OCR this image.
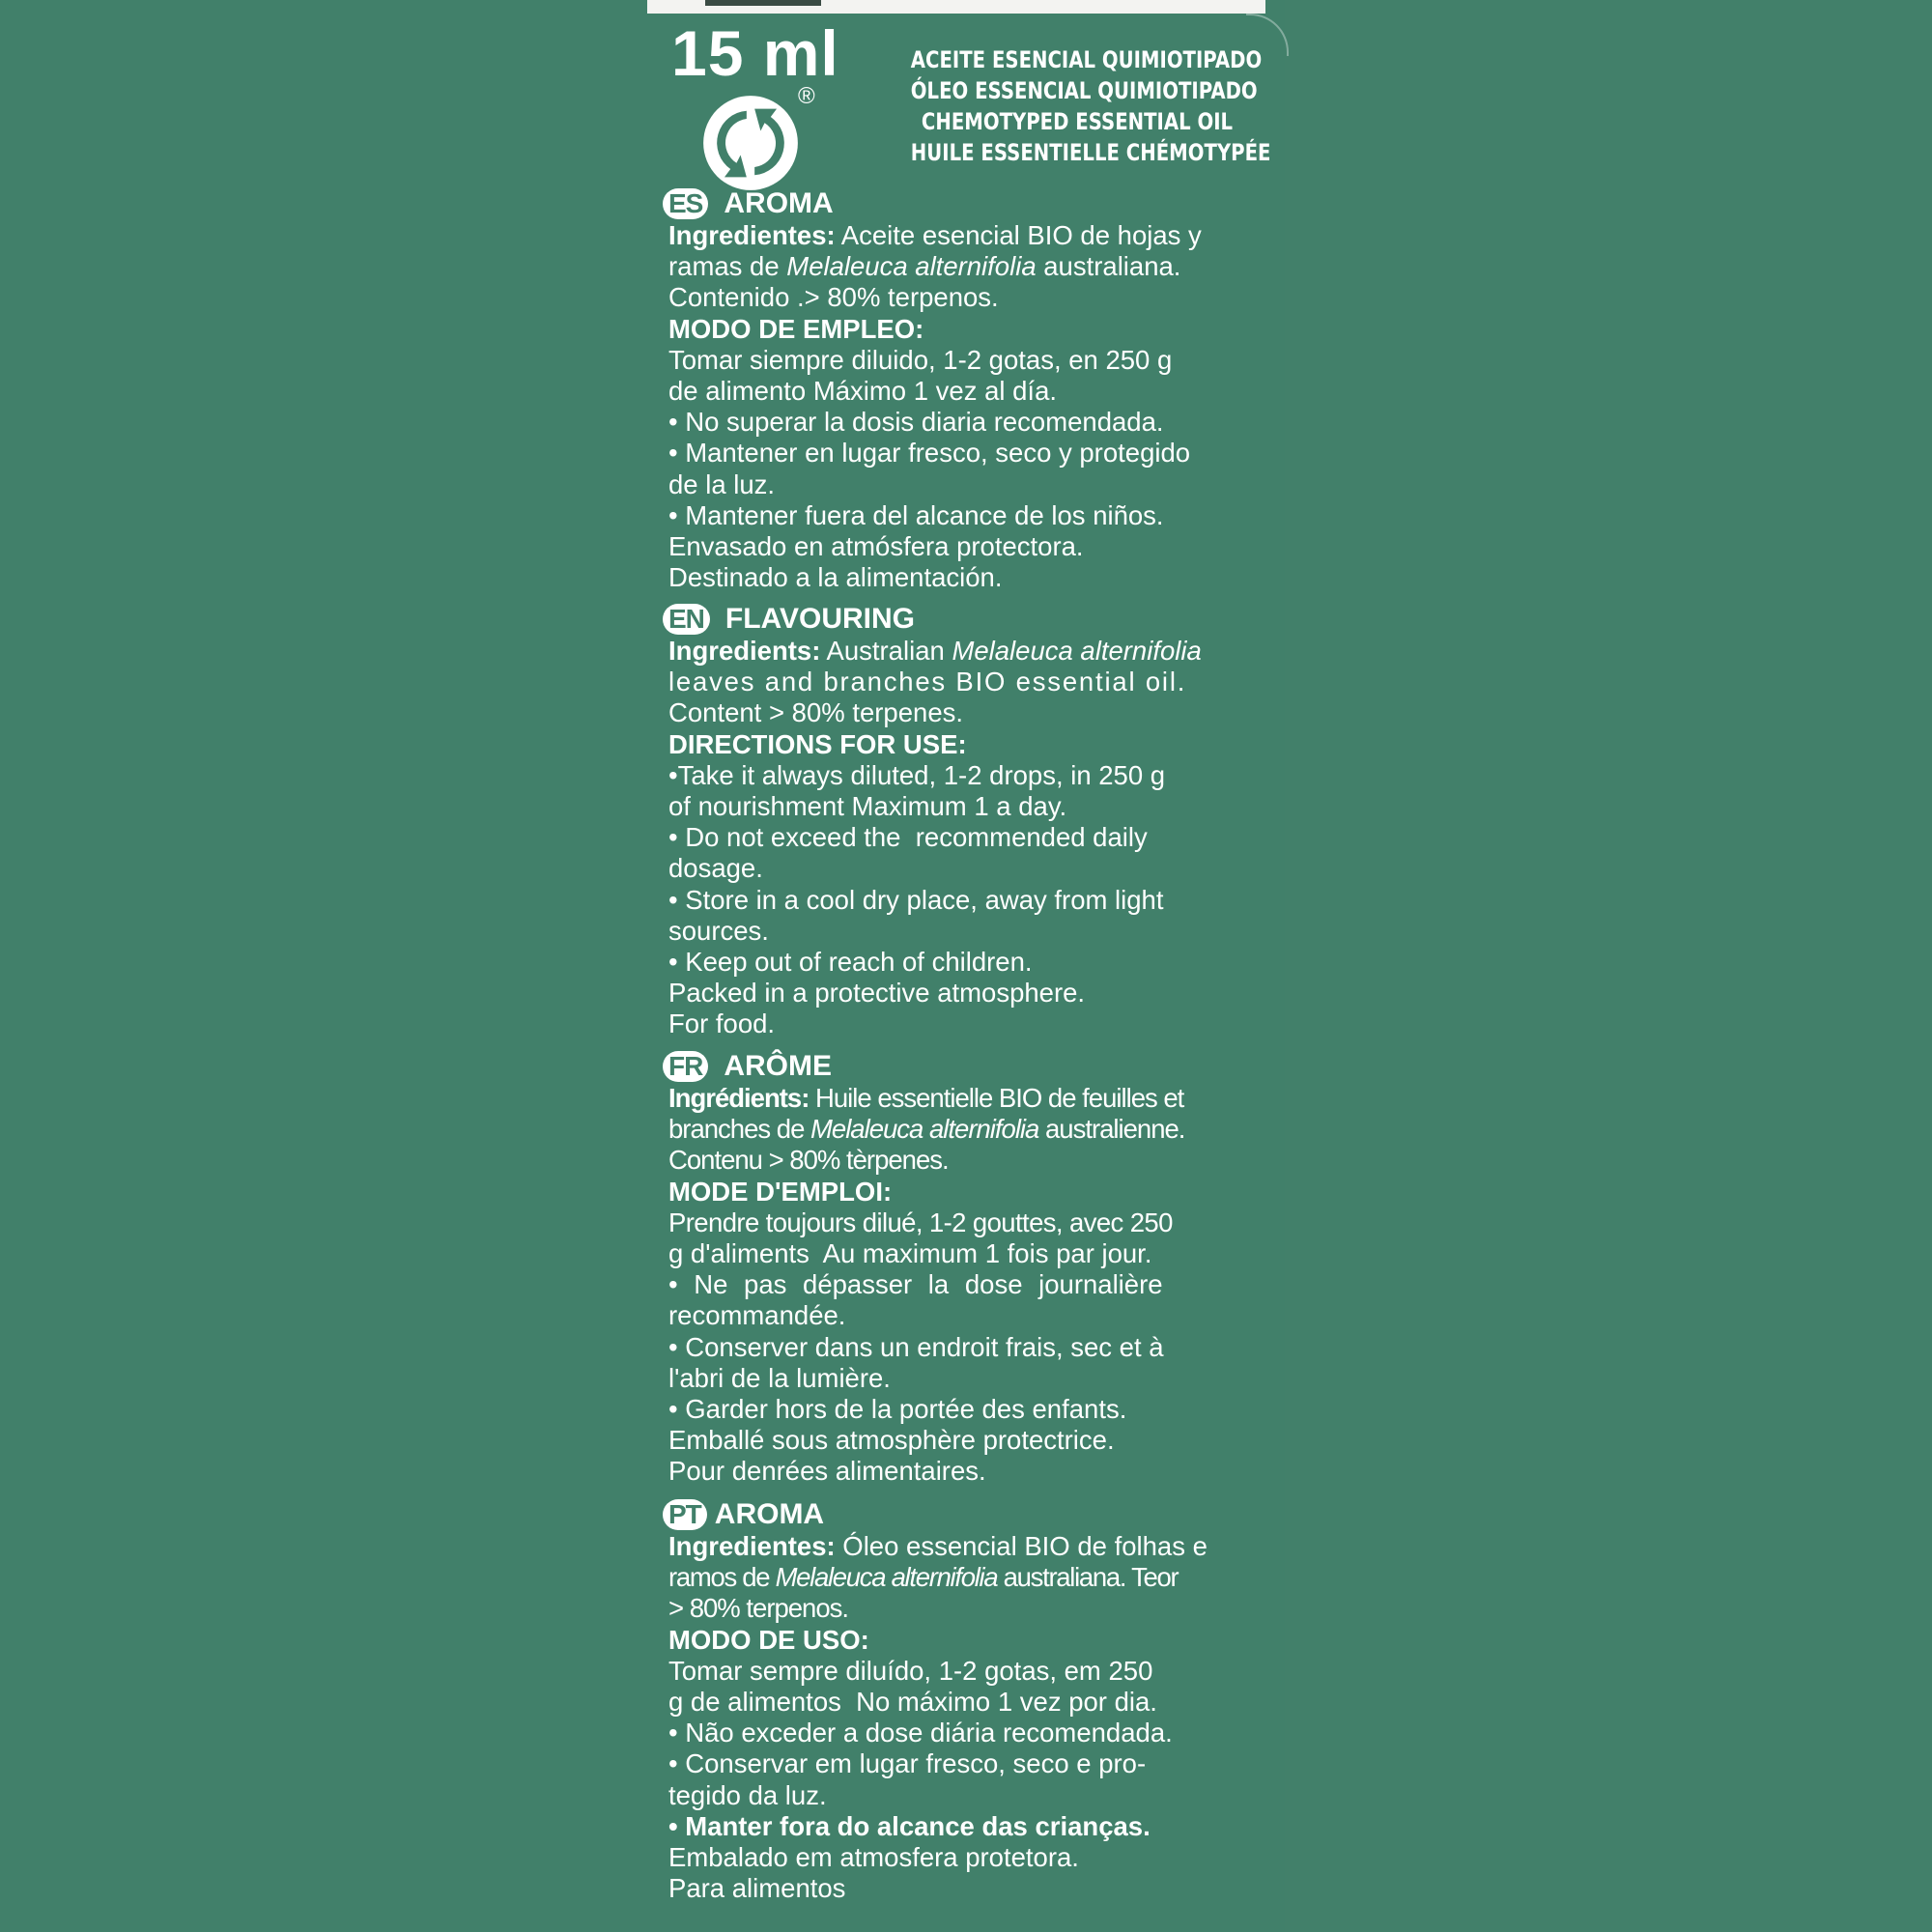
15 ml
®
ACEITE ESENCIAL QUIMIOTIPADO
ÓLEO ESSENCIAL QUIMIOTIPADO
CHEMOTYPED ESSENTIAL OIL
HUILE ESSENTIELLE CHÉMOTYPÉE
ES AROMA
Ingredientes: Aceite esencial BIO de hojas y
ramas de Melaleuca alternifolia australiana.
Contenido .> 80% terpenos.
MODO DE EMPLEO:
Tomar siempre diluido, 1-2 gotas, en 250 g
de alimento Máximo 1 vez al día.
• No superar la dosis diaria recomendada.
• Mantener en lugar fresco, seco y protegido
de la luz.
• Mantener fuera del alcance de los niños.
Envasado en atmósfera protectora.
Destinado a la alimentación.
EN FLAVOURING
Ingredients: Australian Melaleuca alternifolia
leaves and branches BIO essential oil.
Content > 80% terpenes.
DIRECTIONS FOR USE:
•Take it always diluted, 1-2 drops, in 250 g
of nourishment Maximum 1 a day.
• Do not exceed the  recommended daily
dosage.
• Store in a cool dry place, away from light
sources.
• Keep out of reach of children.
Packed in a protective atmosphere.
For food.
FR ARÔME
Ingrédients: Huile essentielle BIO de feuilles et
branches de Melaleuca alternifolia australienne.
Contenu > 80% tèrpenes.
MODE D'EMPLOI:
Prendre toujours dilué, 1-2 gouttes, avec 250
g d'aliments  Au maximum 1 fois par jour.
• Ne pas dépasser la dose journalière
recommandée.
• Conserver dans un endroit frais, sec et à
l'abri de la lumière.
• Garder hors de la portée des enfants.
Emballé sous atmosphère protectrice.
Pour denrées alimentaires.
PT AROMA
Ingredientes: Óleo essencial BIO de folhas e
ramos de Melaleuca alternifolia australiana. Teor
> 80% terpenos.
MODO DE USO:
Tomar sempre diluído, 1-2 gotas, em 250
g de alimentos  No máximo 1 vez por dia.
• Não exceder a dose diária recomendada.
• Conservar em lugar fresco, seco e pro-
tegido da luz.
• Manter fora do alcance das crianças.
Embalado em atmosfera protetora.
Para alimentos
